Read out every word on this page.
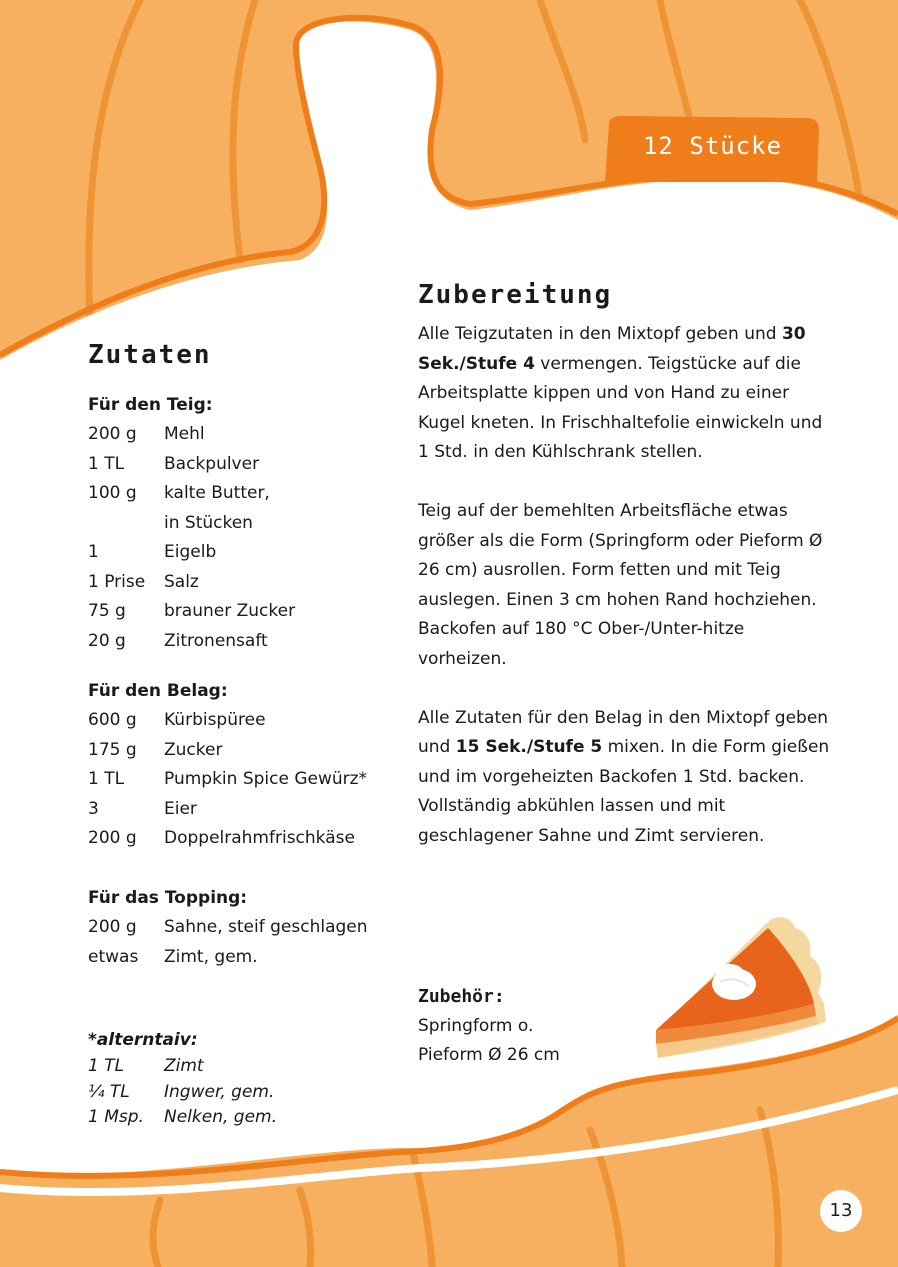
12 Stücke
Zutaten
Für den Teig:
200 g	Mehl
1 TL	Backpulver
100 g	kalte Butter,
in Stücken
1	Eigelb
1 Prise	Salz
75 g	brauner Zucker
20 g	Zitronensaft
Für den Belag:
600 g	Kürbispüree
175 g	Zucker
1 TL	Pumpkin Spice Gewürz*
3	Eier
200 g	Doppelrahmfrischkäse
Für das Topping:
200 g	Sahne, steif geschlagen
etwas	Zimt, gem.
*alterntaiv:
1 TL	Zimt
¼ TL	Ingwer, gem.
1 Msp.	Nelken, gem.
Zubereitung

Alle Teigzutaten in den Mixtopf geben und 30 Sek./Stufe 4 vermengen. Teigstücke auf die Arbeitsplatte kippen und von Hand zu einer Kugel kneten. In Frischhaltefolie einwickeln und 1 Std. in den Kühlschrank stellen.

Teig auf der bemehlten Arbeitsfläche etwas größer als die Form (Springform oder Pieform Ø 26 cm) ausrollen. Form fetten und mit Teig auslegen. Einen 3 cm hohen Rand hochziehen. Backofen auf 180 °C Ober-/Unter-hitze vorheizen.

Alle Zutaten für den Belag in den Mixtopf geben und 15 Sek./Stufe 5 mixen. In die Form gießen und im vorgeheizten Backofen 1 Std. backen. Vollständig abkühlen lassen und mit geschlagener Sahne und Zimt servieren.

Zubehör:
Springform o.
Pieform Ø 26 cm
13
